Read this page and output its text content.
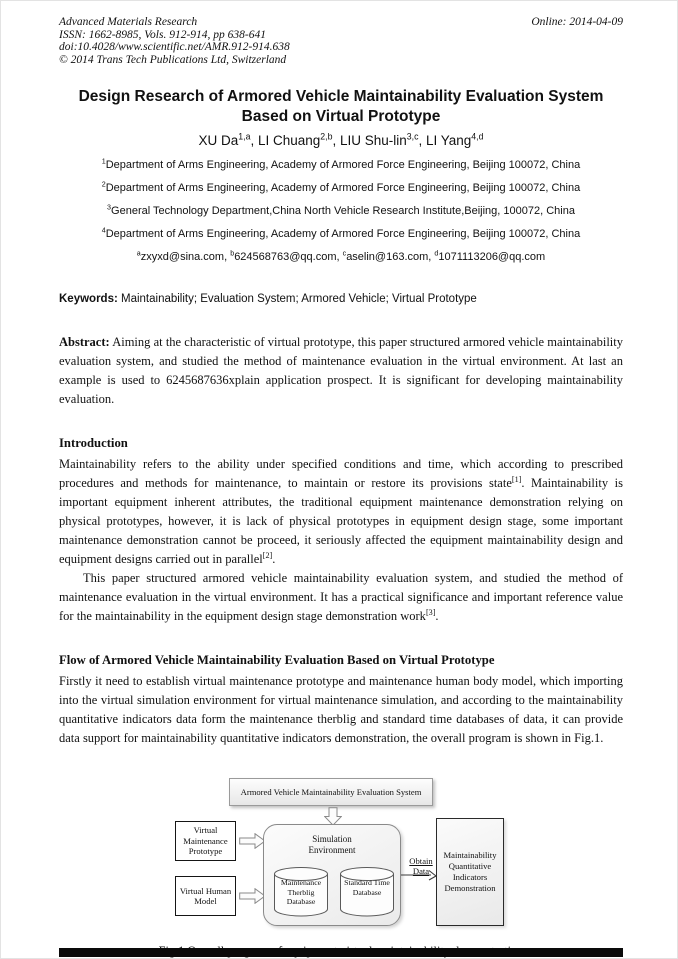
Advanced Materials Research
ISSN: 1662-8985, Vols. 912-914, pp 638-641
doi:10.4028/www.scientific.net/AMR.912-914.638
© 2014 Trans Tech Publications Ltd, Switzerland
Online: 2014-04-09
Design Research of Armored Vehicle Maintainability Evaluation System Based on Virtual Prototype
XU Da$^{1,a}$, LI Chuang$^{2,b}$, LIU Shu-lin$^{3,c}$, LI Yang$^{4,d}$
$^1$Department of Arms Engineering, Academy of Armored Force Engineering, Beijing 100072, China
$^2$Department of Arms Engineering, Academy of Armored Force Engineering, Beijing 100072, China
$^3$General Technology Department,China North Vehicle Research Institute,Beijing, 100072, China
$^4$Department of Arms Engineering, Academy of Armored Force Engineering, Beijing 100072, China
$^a$zxyxd@sina.com, $^b$624568763@qq.com, $^c$aselin@163.com, $^d$1071113206@qq.com

Keywords: Maintainability; Evaluation System; Armored Vehicle; Virtual Prototype

Abstract: Aiming at the characteristic of virtual prototype, this paper structured armored vehicle maintainability evaluation system, and studied the method of maintenance evaluation in the virtual environment. At last an example is used to 6245687636xplain application prospect. It is significant for developing maintainability evaluation.

Introduction

Maintainability refers to the ability under specified conditions and time, which according to prescribed procedures and methods for maintenance, to maintain or restore its provisions state[1]. Maintainability is important equipment inherent attributes, the traditional equipment maintenance demonstration relying on physical prototypes, however, it is lack of physical prototypes in equipment design stage, some important maintenance demonstration cannot be proceed, it seriously affected the equipment maintainability design and equipment designs carried out in parallel[2].

This paper structured armored vehicle maintainability evaluation system, and studied the method of maintenance evaluation in the virtual environment. It has a practical significance and important reference value for the maintainability in the equipment design stage demonstration work[3].

Flow of Armored Vehicle Maintainability Evaluation Based on Virtual Prototype

Firstly it need to establish virtual maintenance prototype and maintenance human body model, which importing into the virtual simulation environment for virtual maintenance simulation, and according to the maintainability quantitative indicators data form the maintenance therblig and standard time databases of data, it can provide data support for maintainability quantitative indicators demonstration, the overall program is shown in Fig.1.

Armored Vehicle Maintainability Evaluation System
Virtual Maintenance Prototype
Virtual Human Model
Simulation Environment
Maintenance Therblig Database
Standard Time Database
Obtain Data
Maintainability Quantitative Indicators Demonstration
